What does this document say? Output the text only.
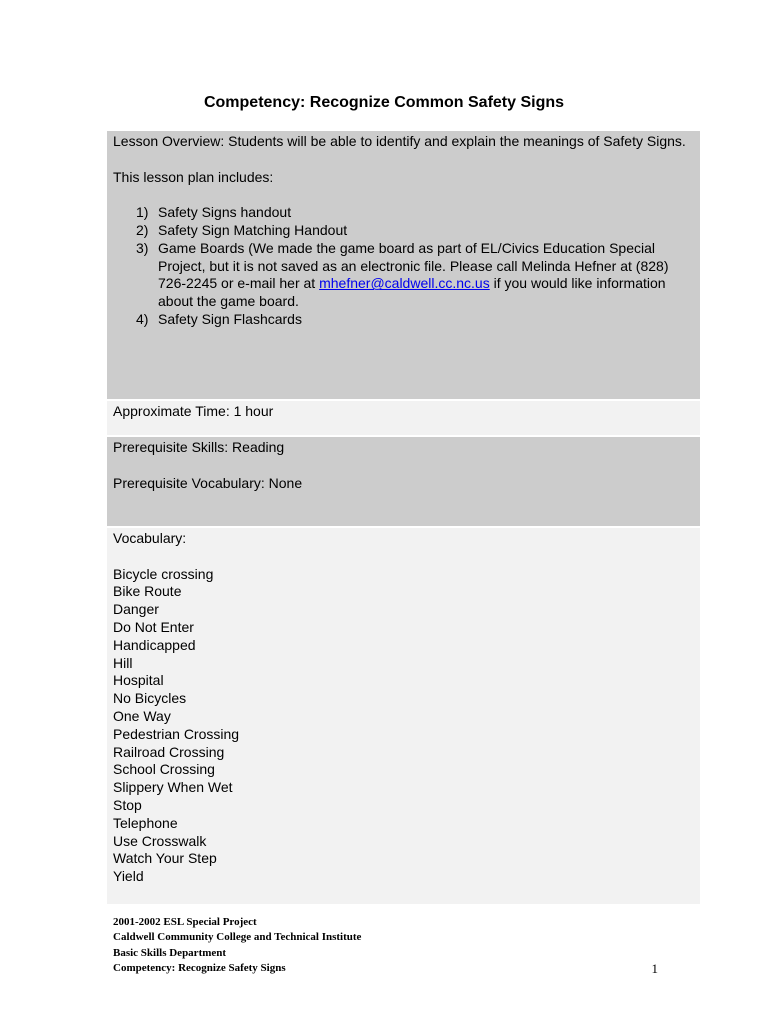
Competency: Recognize Common Safety Signs

Lesson Overview: Students will be able to identify and explain the meanings of Safety Signs.

This lesson plan includes:

1) Safety Signs handout
2) Safety Sign Matching Handout
3) Game Boards (We made the game board as part of EL/Civics Education Special Project, but it is not saved as an electronic file. Please call Melinda Hefner at (828) 726-2245 or e-mail her at mhefner@caldwell.cc.nc.us if you would like information about the game board.
4) Safety Sign Flashcards

Approximate Time: 1 hour

Prerequisite Skills: Reading

Prerequisite Vocabulary: None

Vocabulary:

Bicycle crossing
Bike Route
Danger
Do Not Enter
Handicapped
Hill
Hospital
No Bicycles
One Way
Pedestrian Crossing
Railroad Crossing
School Crossing
Slippery When Wet
Stop
Telephone
Use Crosswalk
Watch Your Step
Yield
2001-2002 ESL Special Project
Caldwell Community College and Technical Institute
Basic Skills Department
Competency: Recognize Safety Signs	1
